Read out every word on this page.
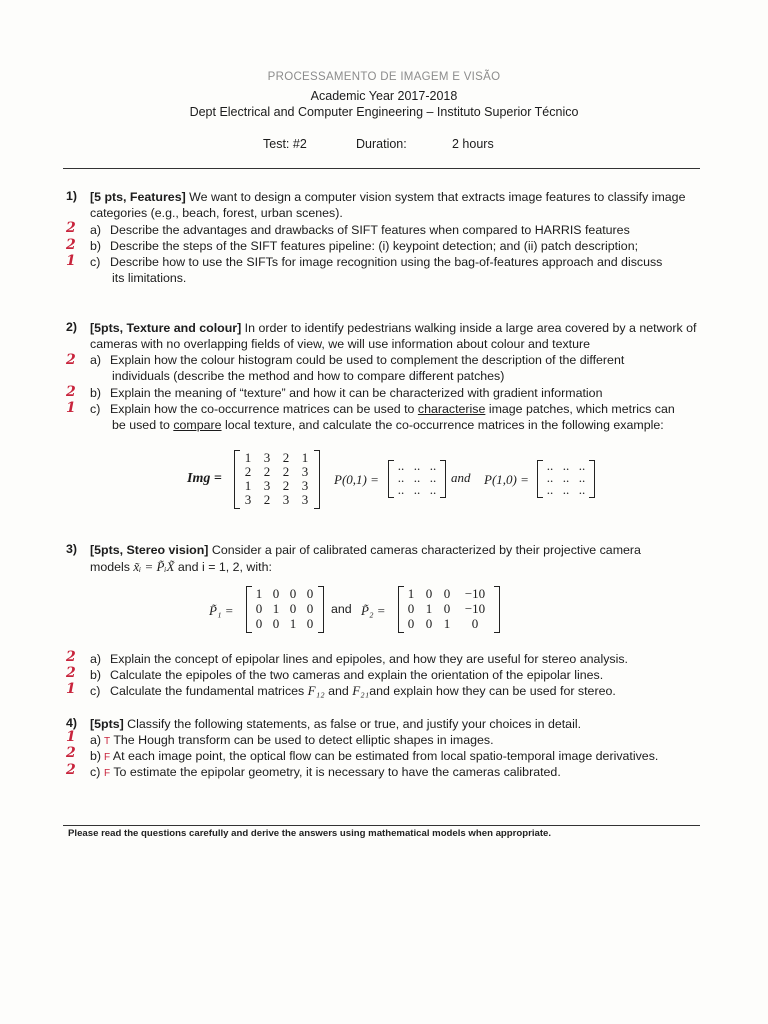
PROCESSAMENTO DE IMAGEM E VISÃO
Academic Year 2017-2018
Dept Electrical and Computer Engineering – Instituto Superior Técnico
Test: #2	Duration:	2 hours
1) [5 pts, Features] We want to design a computer vision system that extracts image features to classify image categories (e.g., beach, forest, urban scenes).
2 a) Describe the advantages and drawbacks of SIFT features when compared to HARRIS features
2 b) Describe the steps of the SIFT features pipeline: (i) keypoint detection; and (ii) patch description;
1 c) Describe how to use the SIFTs for image recognition using the bag-of-features approach and discuss
its limitations.
2) [5pts, Texture and colour] In order to identify pedestrians walking inside a large area covered by a network of cameras with no overlapping fields of view, we will use information about colour and texture
2 a) Explain how the colour histogram could be used to complement the description of the different
individuals (describe the method and how to compare different patches)
2 b) Explain the meaning of “texture” and how it can be characterized with gradient information
1 c) Explain how the co-occurrence matrices can be used to characterise image patches, which metrics can
be used to compare local texture, and calculate the co-occurrence matrices in the following example:
Img =
1 3 2 1
2 2 2 3
1 3 2 3
3 2 3 3
P(0,1) =
.. .. ..
.. .. ..
.. .. ..
and P(1,0) =
.. .. ..
.. .. ..
.. .. ..
3) [5pts, Stereo vision] Consider a pair of calibrated cameras characterized by their projective camera
models x̃ᵢ = P̃ᵢX̃ and i = 1, 2, with:
P̃₁ =
1 0 0 0
0 1 0 0
0 0 1 0
and P̃₂ =
1 0 0	−10
0 1 0	−10
0 0 1	0
2 a) Explain the concept of epipolar lines and epipoles, and how they are useful for stereo analysis.
2 b) Calculate the epipoles of the two cameras and explain the orientation of the epipolar lines.
1 c) Calculate the fundamental matrices F₁₂ and F₂₁and explain how they can be used for stereo.
4) [5pts] Classify the following statements, as false or true, and justify your choices in detail.
1 a) T The Hough transform can be used to detect elliptic shapes in images.
2 b) F At each image point, the optical flow can be estimated from local spatio-temporal image derivatives.
2 c) F To estimate the epipolar geometry, it is necessary to have the cameras calibrated.
Please read the questions carefully and derive the answers using mathematical models when appropriate.
